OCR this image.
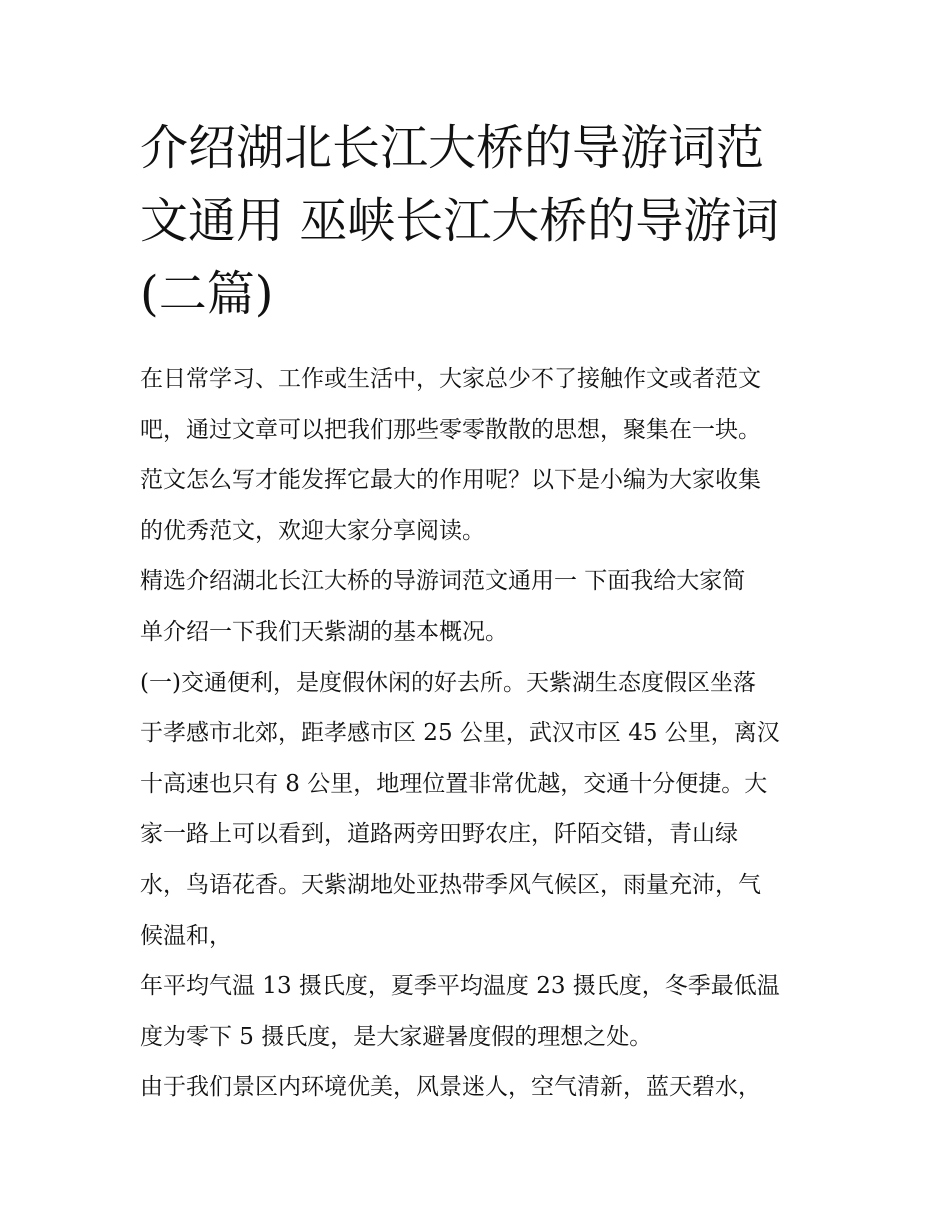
介绍湖北长江大桥的导游词范
文通用 巫峡长江大桥的导游词
(二篇)
在日常学习、工作或生活中，大家总少不了接触作文或者范文
吧，通过文章可以把我们那些零零散散的思想，聚集在一块。
范文怎么写才能发挥它最大的作用呢？以下是小编为大家收集
的优秀范文，欢迎大家分享阅读。
精选介绍湖北长江大桥的导游词范文通用一 下面我给大家简
单介绍一下我们天紫湖的基本概况。
(一)交通便利，是度假休闲的好去所。天紫湖生态度假区坐落
于孝感市北郊，距孝感市区 25 公里，武汉市区 45 公里，离汉
十高速也只有 8 公里，地理位置非常优越，交通十分便捷。大
家一路上可以看到，道路两旁田野农庄，阡陌交错，青山绿
水，鸟语花香。天紫湖地处亚热带季风气候区，雨量充沛，气
候温和，
年平均气温 13 摄氏度，夏季平均温度 23 摄氏度，冬季最低温
度为零下 5 摄氏度，是大家避暑度假的理想之处。
由于我们景区内环境优美，风景迷人，空气清新，蓝天碧水，
